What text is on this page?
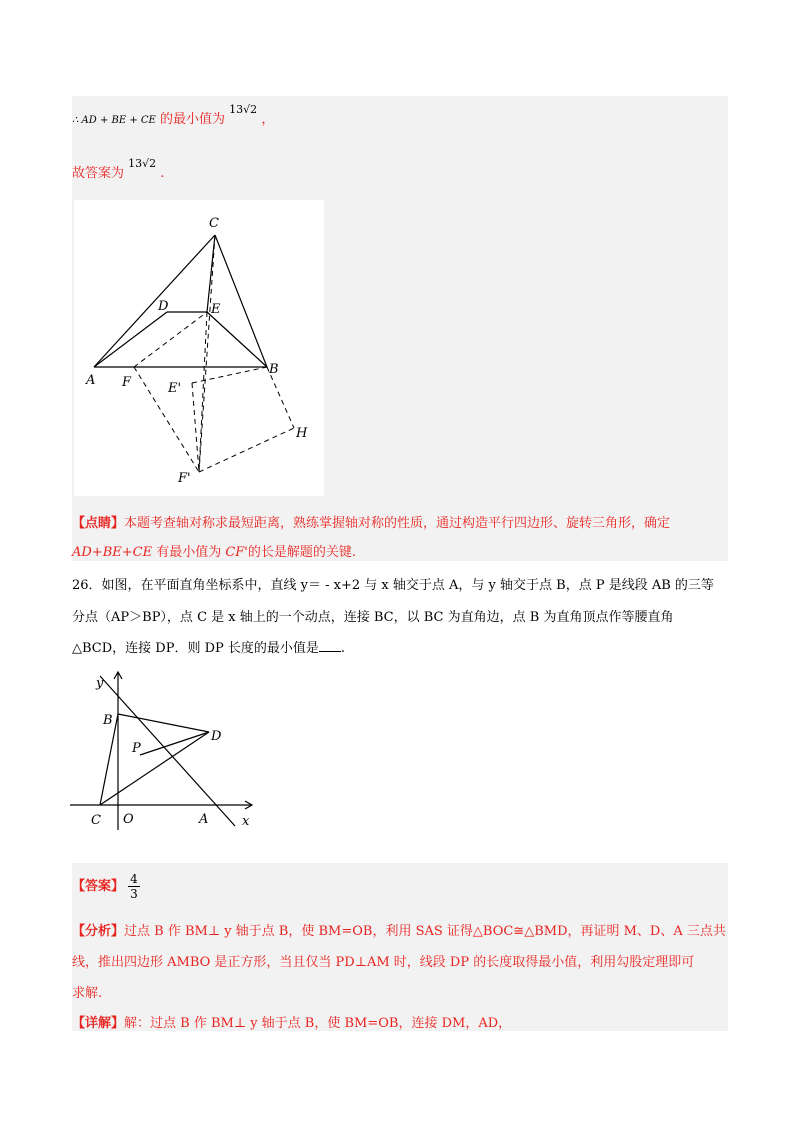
∴ AD + BE + CE 的最小值为 $^{13√2}$ ，
故答案为 $^{13√2}$ .
C
D	E
A F
B
E'
H
F'
【点睛】本题考查轴对称求最短距离，熟练掌握轴对称的性质，通过构造平行四边形、旋转三角形，确定
AD+BE+CE 有最小值为 CF'的长是解题的关键.
26．如图，在平面直角坐标系中，直线 y＝ - x+2 与 x 轴交于点 A，与 y 轴交于点 B，点 P 是线段 AB 的三等
分点（AP＞BP），点 C 是 x 轴上的一个动点，连接 BC，以 BC 为直角边，点 B 为直角顶点作等腰直角
△BCD，连接 DP．则 DP 长度的最小值是 .
y
B
D
P
C O	A	x
【答案】 $\frac{4}{3}$
【分析】过点 B 作 BM⊥ y 轴于点 B，使 BM=OB，利用 SAS 证得△BOC≅△BMD，再证明 M、D、A 三点共
线，推出四边形 AMBO 是正方形，当且仅当 PD⊥AM 时，线段 DP 的长度取得最小值，利用勾股定理即可
求解.
【详解】解：过点 B 作 BM⊥ y 轴于点 B，使 BM=OB，连接 DM，AD，
